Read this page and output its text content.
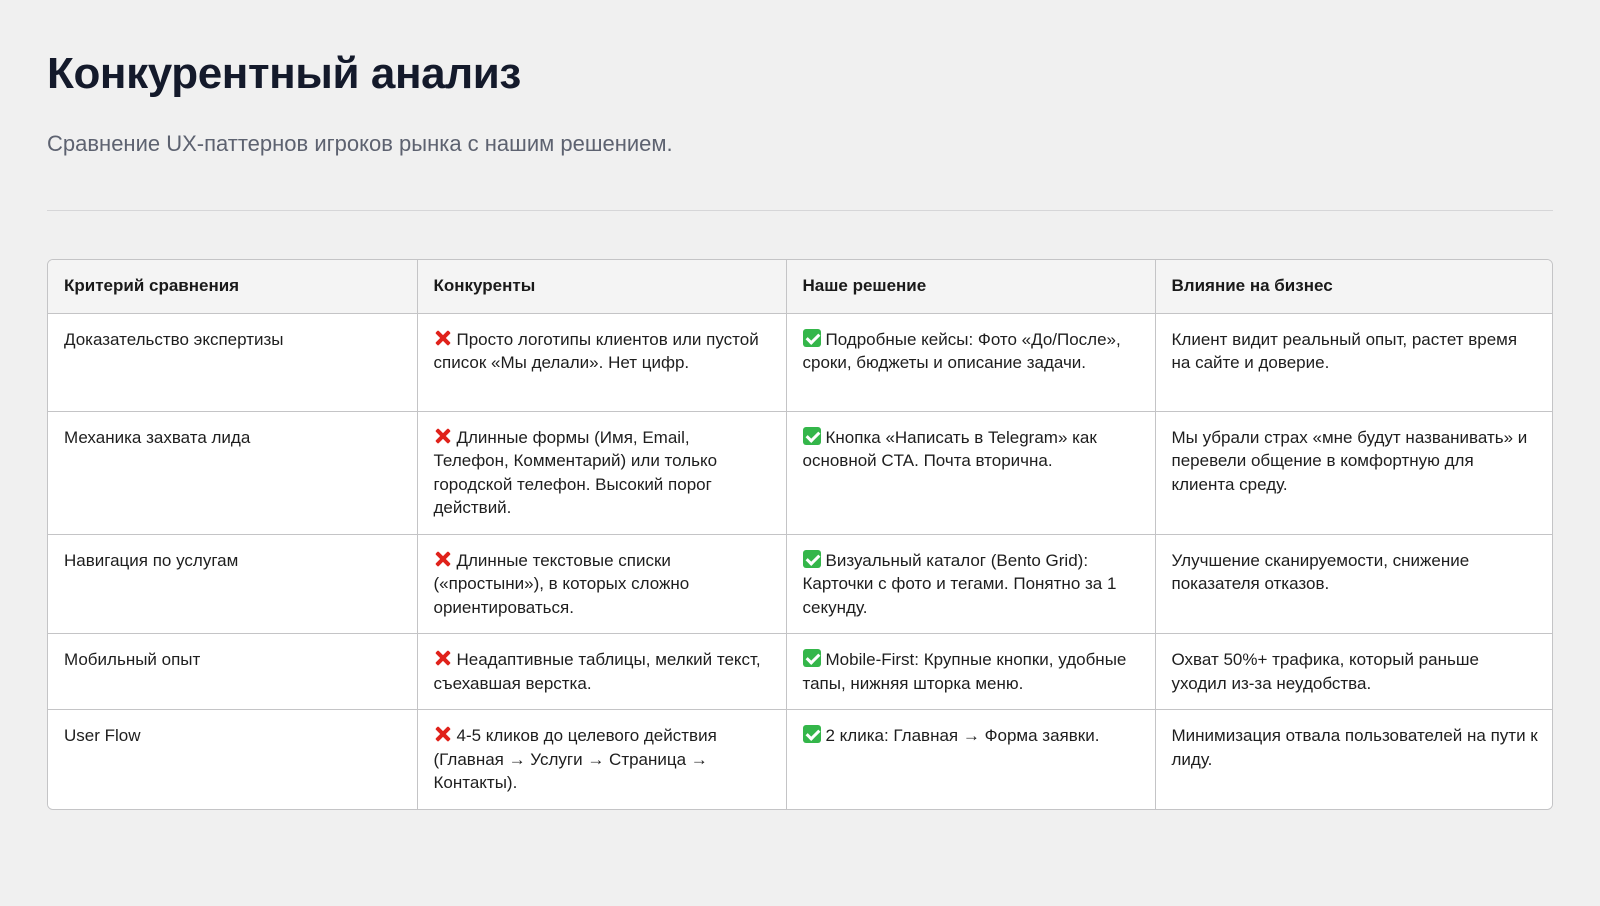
Конкурентный анализ

Сравнение UX-паттернов игроков рынка с нашим решением.

Критерий сравнения	Конкуренты	Наше решение	Влияние на бизнес
Доказательство экспертизы	Просто логотипы клиентов или пустой список «Мы делали». Нет цифр.	Подробные кейсы: Фото «До/После», сроки, бюджеты и описание задачи.	Клиент видит реальный опыт, растет время на сайте и доверие.
Механика захвата лида	Длинные формы (Имя, Email, Телефон, Комментарий) или только городской телефон. Высокий порог действий.	Кнопка «Написать в Telegram» как основной CTA. Почта вторична.	Мы убрали страх «мне будут названивать» и перевели общение в комфортную для клиента среду.
Навигация по услугам	Длинные текстовые списки («простыни»), в которых сложно ориентироваться.	Визуальный каталог (Bento Grid): Карточки с фото и тегами. Понятно за 1 секунду.	Улучшение сканируемости, снижение показателя отказов.
Мобильный опыт	Неадаптивные таблицы, мелкий текст, съехавшая верстка.	Mobile-First: Крупные кнопки, удобные тапы, нижняя шторка меню.	Охват 50%+ трафика, который раньше уходил из-за неудобства.
User Flow	4-5 кликов до целевого действия (Главная → Услуги → Страница → Контакты).	2 клика: Главная → Форма заявки.	Минимизация отвала пользователей на пути к лиду.
